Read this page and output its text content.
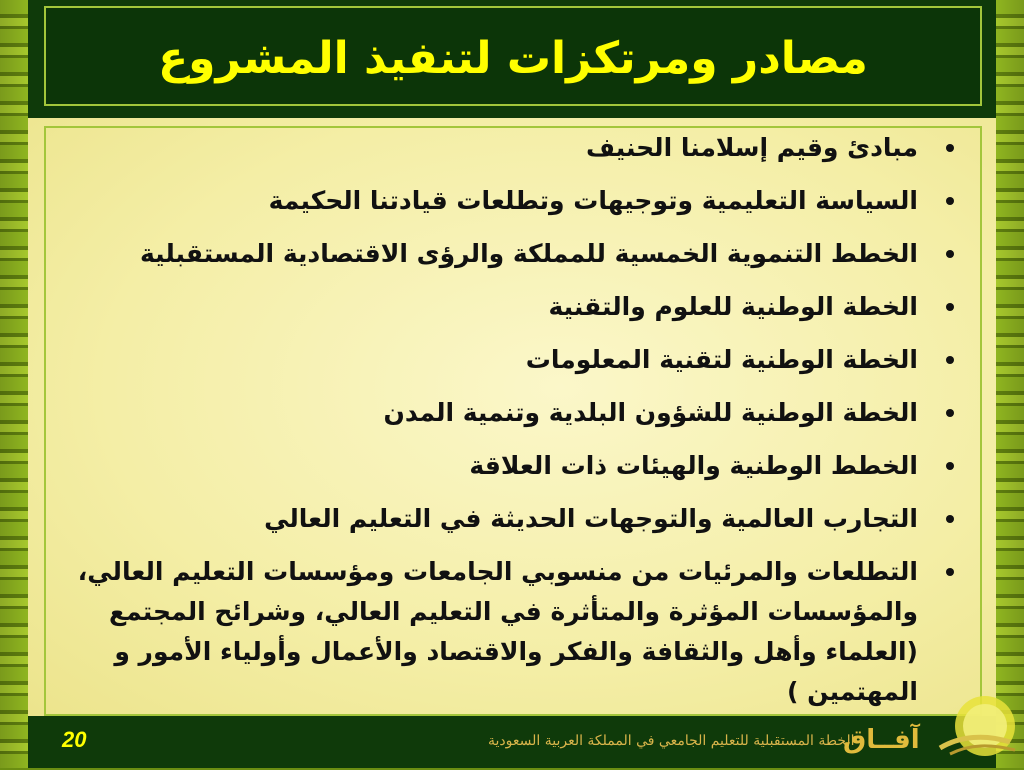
مصادر ومرتكزات لتنفيذ المشروع
مبادئ وقيم إسلامنا الحنيف
السياسة التعليمية وتوجيهات وتطلعات قيادتنا الحكيمة
الخطط التنموية الخمسية للمملكة والرؤى الاقتصادية المستقبلية
الخطة الوطنية للعلوم والتقنية
الخطة الوطنية لتقنية المعلومات
الخطة الوطنية للشؤون البلدية وتنمية المدن
الخطط الوطنية والهيئات ذات العلاقة
التجارب العالمية والتوجهات الحديثة في التعليم العالي
التطلعات والمرئيات من منسوبي الجامعات ومؤسسات التعليم العالي، والمؤسسات المؤثرة والمتأثرة في التعليم العالي، وشرائح المجتمع (العلماء وأهل والثقافة والفكر والاقتصاد والأعمال وأولياء الأمور و المهتمين )
20	الخطة المستقبلية للتعليم الجامعي في المملكة العربية السعودية
آفــاق
